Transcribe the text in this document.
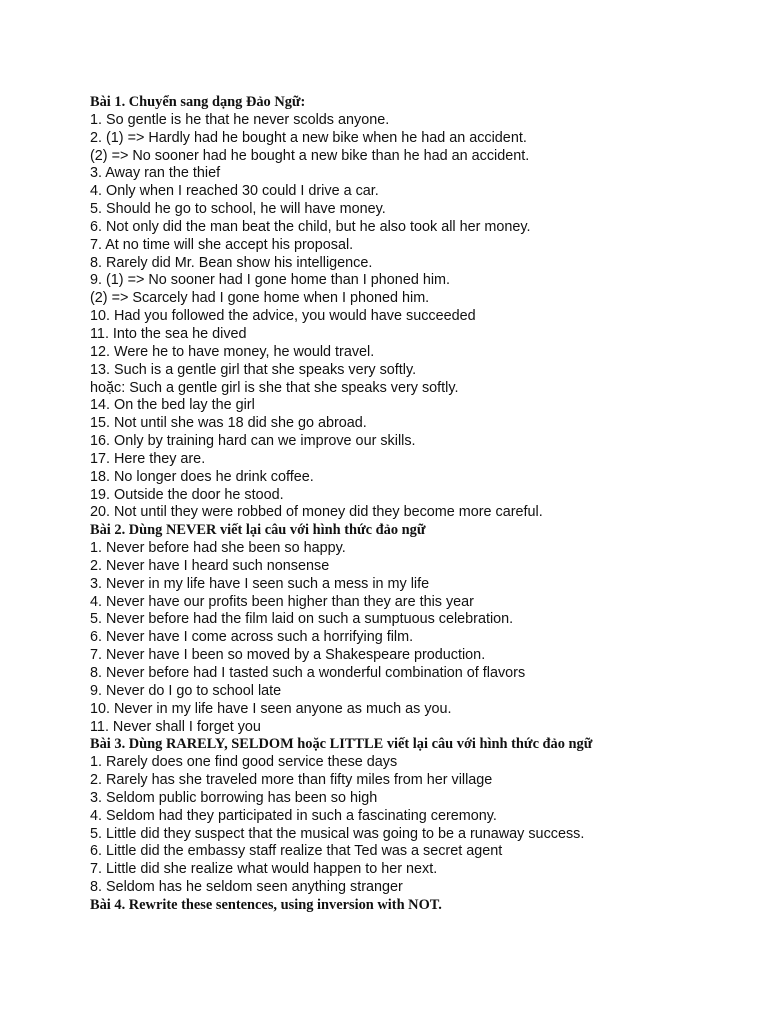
Bài 1. Chuyển sang dạng Đảo Ngữ:
1. So gentle is he that he never scolds anyone.
2. (1) => Hardly had he bought a new bike when he had an accident.
(2) => No sooner had he bought a new bike than he had an accident.
3. Away ran the thief
4. Only when I reached 30 could I drive a car.
5. Should he go to school, he will have money.
6. Not only did the man beat the child, but he also took all her money.
7. At no time will she accept his proposal.
8. Rarely did Mr. Bean show his intelligence.
9. (1) => No sooner had I gone home than I phoned him.
(2) => Scarcely had I gone home when I phoned him.
10. Had you followed the advice, you would have succeeded
11. Into the sea he dived
12. Were he to have money, he would travel.
13. Such is a gentle girl that she speaks very softly.
hoặc: Such a gentle girl is she that she speaks very softly.
14. On the bed lay the girl
15. Not until she was 18 did she go abroad.
16. Only by training hard can we improve our skills.
17. Here they are.
18. No longer does he drink coffee.
19. Outside the door he stood.
20. Not until they were robbed of money did they become more careful.
Bài 2. Dùng NEVER viết lại câu với hình thức đảo ngữ
1. Never before had she been so happy.
2. Never have I heard such nonsense
3. Never in my life have I seen such a mess in my life
4. Never have our profits been higher than they are this year
5. Never before had the film laid on such a sumptuous celebration.
6. Never have I come across such a horrifying film.
7. Never have I been so moved by a Shakespeare production.
8. Never before had I tasted such a wonderful combination of flavors
9. Never do I go to school late
10. Never in my life have I seen anyone as much as you.
11. Never shall I forget you
Bài 3. Dùng RARELY, SELDOM hoặc LITTLE viết lại câu với hình thức đảo ngữ
1. Rarely does one find good service these days
2. Rarely has she traveled more than fifty miles from her village
3. Seldom public borrowing has been so high
4. Seldom had they participated in such a fascinating ceremony.
5. Little did they suspect that the musical was going to be a runaway success.
6. Little did the embassy staff realize that Ted was a secret agent
7. Little did she realize what would happen to her next.
8. Seldom has he seldom seen anything stranger
Bài 4. Rewrite these sentences, using inversion with NOT.
